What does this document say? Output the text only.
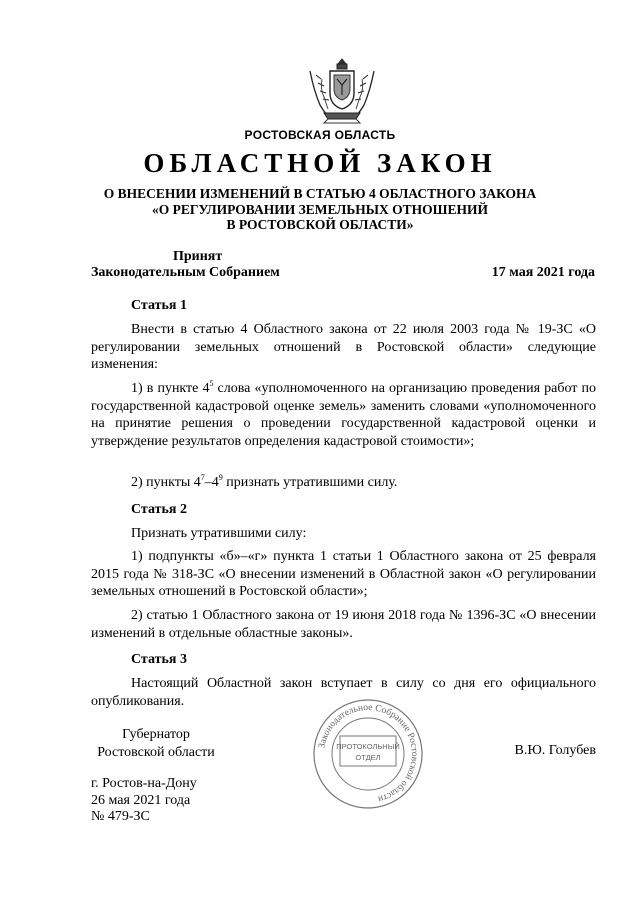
РОСТОВСКАЯ ОБЛАСТЬ
ОБЛАСТНОЙ ЗАКОН
О ВНЕСЕНИИ ИЗМЕНЕНИЙ В СТАТЬЮ 4 ОБЛАСТНОГО ЗАКОНА
«О РЕГУЛИРОВАНИИ ЗЕМЕЛЬНЫХ ОТНОШЕНИЙ
В РОСТОВСКОЙ ОБЛАСТИ»
Принят
Законодательным Собранием	17 мая 2021 года
Статья 1
Внести в статью 4 Областного закона от 22 июля 2003 года № 19-ЗС «О регулировании земельных отношений в Ростовской области» следующие изменения:
1) в пункте $4^5$ слова «уполномоченного на организацию проведения работ по государственной кадастровой оценке земель» заменить словами «уполномоченного на принятие решения о проведении государственной кадастровой оценки и утверждение результатов определения кадастровой стоимости»;
2) пункты $4^7-4^9$ признать утратившими силу.
Статья 2
Признать утратившими силу:
1) подпункты «б»–«г» пункта 1 статьи 1 Областного закона от 25 февраля 2015 года № 318-ЗС «О внесении изменений в Областной закон «О регулировании земельных отношений в Ростовской области»;
2) статью 1 Областного закона от 19 июня 2018 года № 1396-ЗС «О внесении изменений в отдельные областные законы».
Статья 3
Настоящий Областной закон вступает в силу со дня его официального опубликования.
Губернатор
Ростовской области	В.Ю. Голубев
г. Ростов-на-Дону
26 мая 2021 года
№ 479-ЗС
Законодательное Собрание Ростовской области
ПРОТОКОЛЬНЫЙ
ОТДЕЛ
